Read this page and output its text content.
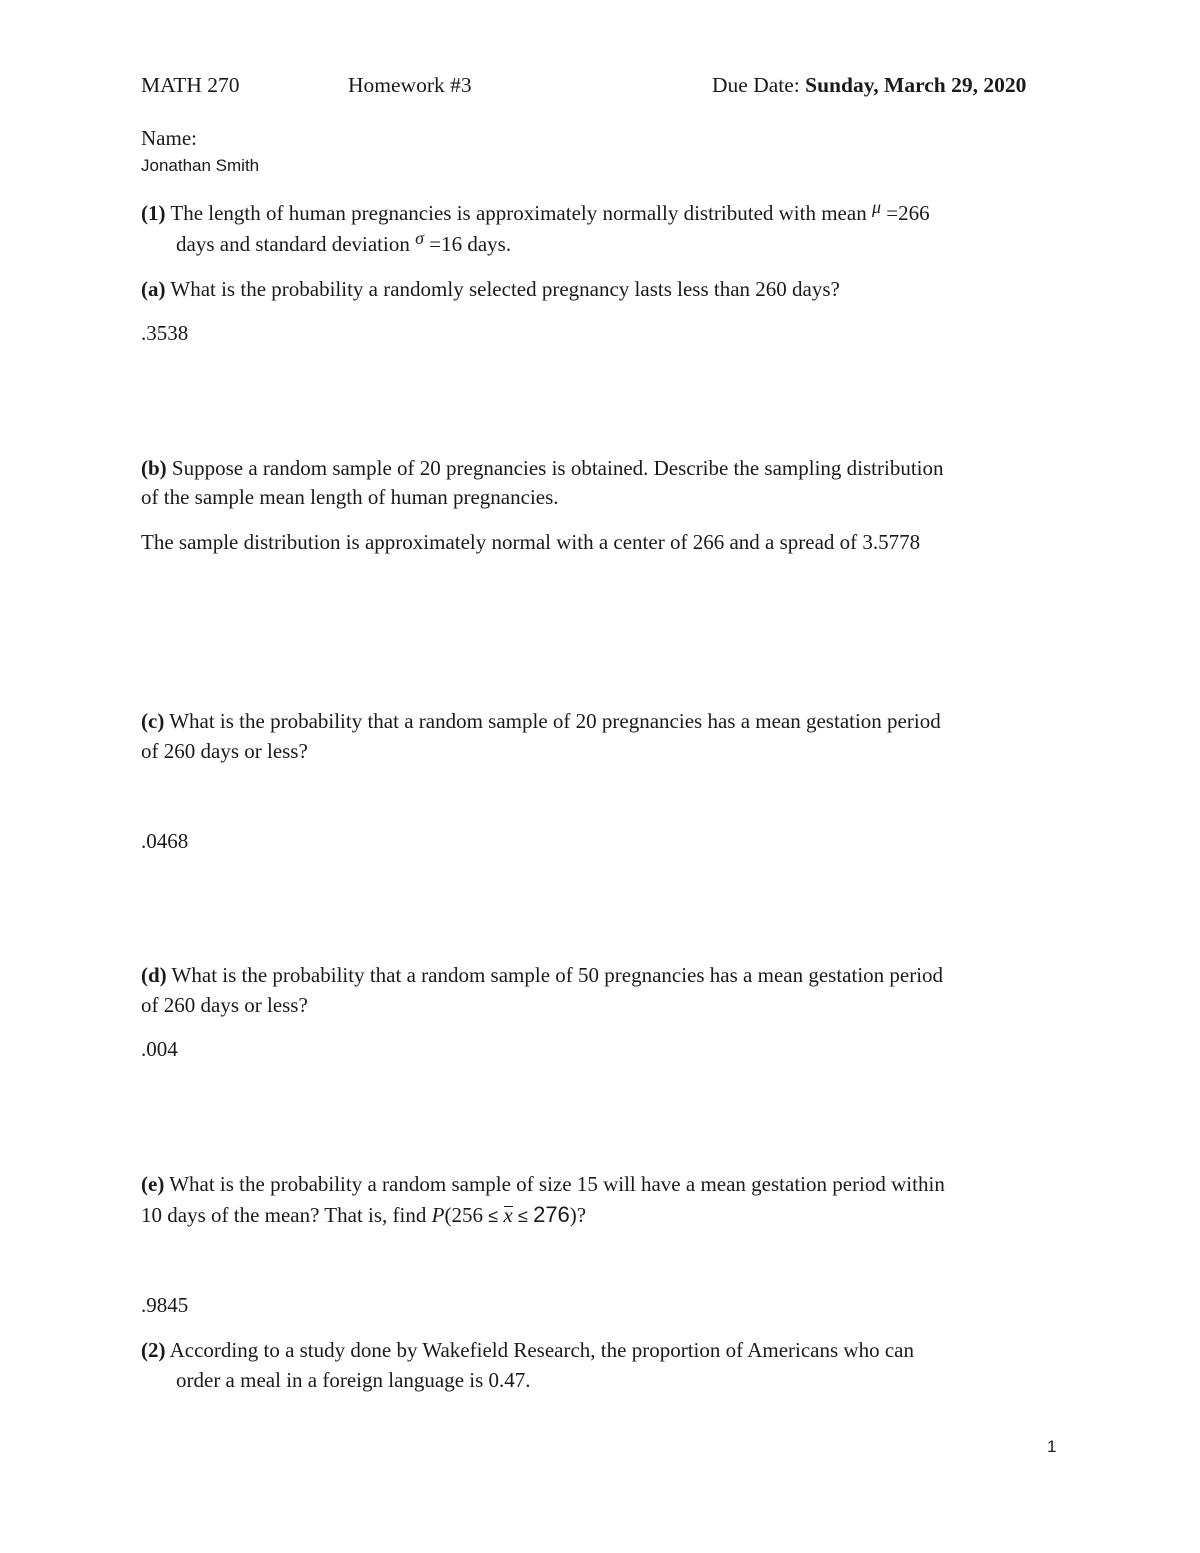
MATH 270	Homework #3	Due Date: Sunday, March 29, 2020
Name:
Jonathan Smith
(1) The length of human pregnancies is approximately normally distributed with mean μ =266
days and standard deviation σ =16 days.
(a) What is the probability a randomly selected pregnancy lasts less than 260 days?
.3538
(b) Suppose a random sample of 20 pregnancies is obtained. Describe the sampling distribution
of the sample mean length of human pregnancies.
The sample distribution is approximately normal with a center of 266 and a spread of 3.5778
(c) What is the probability that a random sample of 20 pregnancies has a mean gestation period
of 260 days or less?
.0468
(d) What is the probability that a random sample of 50 pregnancies has a mean gestation period
of 260 days or less?
.004
(e) What is the probability a random sample of size 15 will have a mean gestation period within
10 days of the mean? That is, find P(256 ≤ x ≤ 276)?
.9845
(2) According to a study done by Wakefield Research, the proportion of Americans who can
order a meal in a foreign language is 0.47.
1
